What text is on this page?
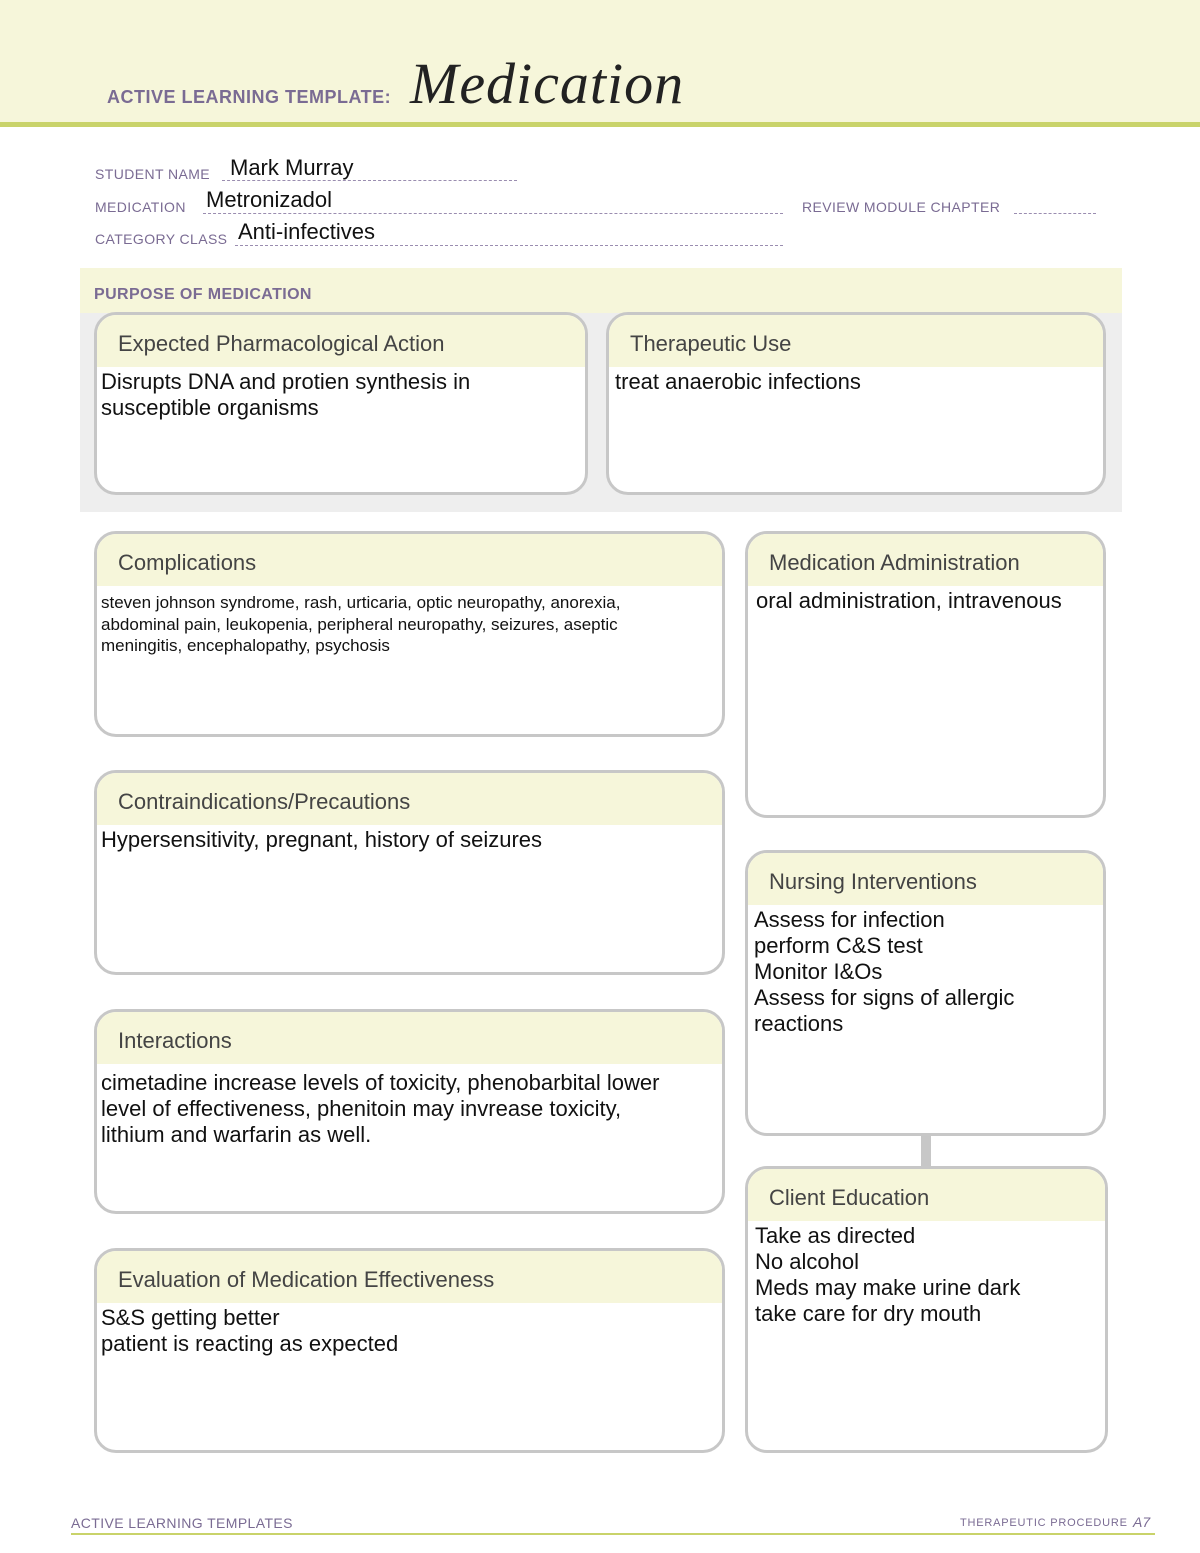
ACTIVE LEARNING TEMPLATE: Medication
STUDENT NAME Mark Murray
MEDICATION Metronizadol	REVIEW MODULE CHAPTER
CATEGORY CLASS Anti-infectives
PURPOSE OF MEDICATION
Expected Pharmacological Action
Disrupts DNA and protien synthesis in
susceptible organisms
Therapeutic Use
treat anaerobic infections
Complications
steven johnson syndrome, rash, urticaria, optic neuropathy, anorexia,
abdominal pain, leukopenia, peripheral neuropathy, seizures, aseptic
meningitis, encephalopathy, psychosis
Medication Administration
oral administration, intravenous
Contraindications/Precautions
Hypersensitivity, pregnant, history of seizures
Nursing Interventions
Assess for infection
perform C&S test
Monitor I&Os
Assess for signs of allergic
reactions
Interactions
cimetadine increase levels of toxicity, phenobarbital lower
level of effectiveness, phenitoin may invrease toxicity,
lithium and warfarin as well.
Client Education
Take as directed
No alcohol
Meds may make urine dark
take care for dry mouth
Evaluation of Medication Effectiveness
S&S getting better
patient is reacting as expected
ACTIVE LEARNING TEMPLATES	THERAPEUTIC PROCEDURE A7
